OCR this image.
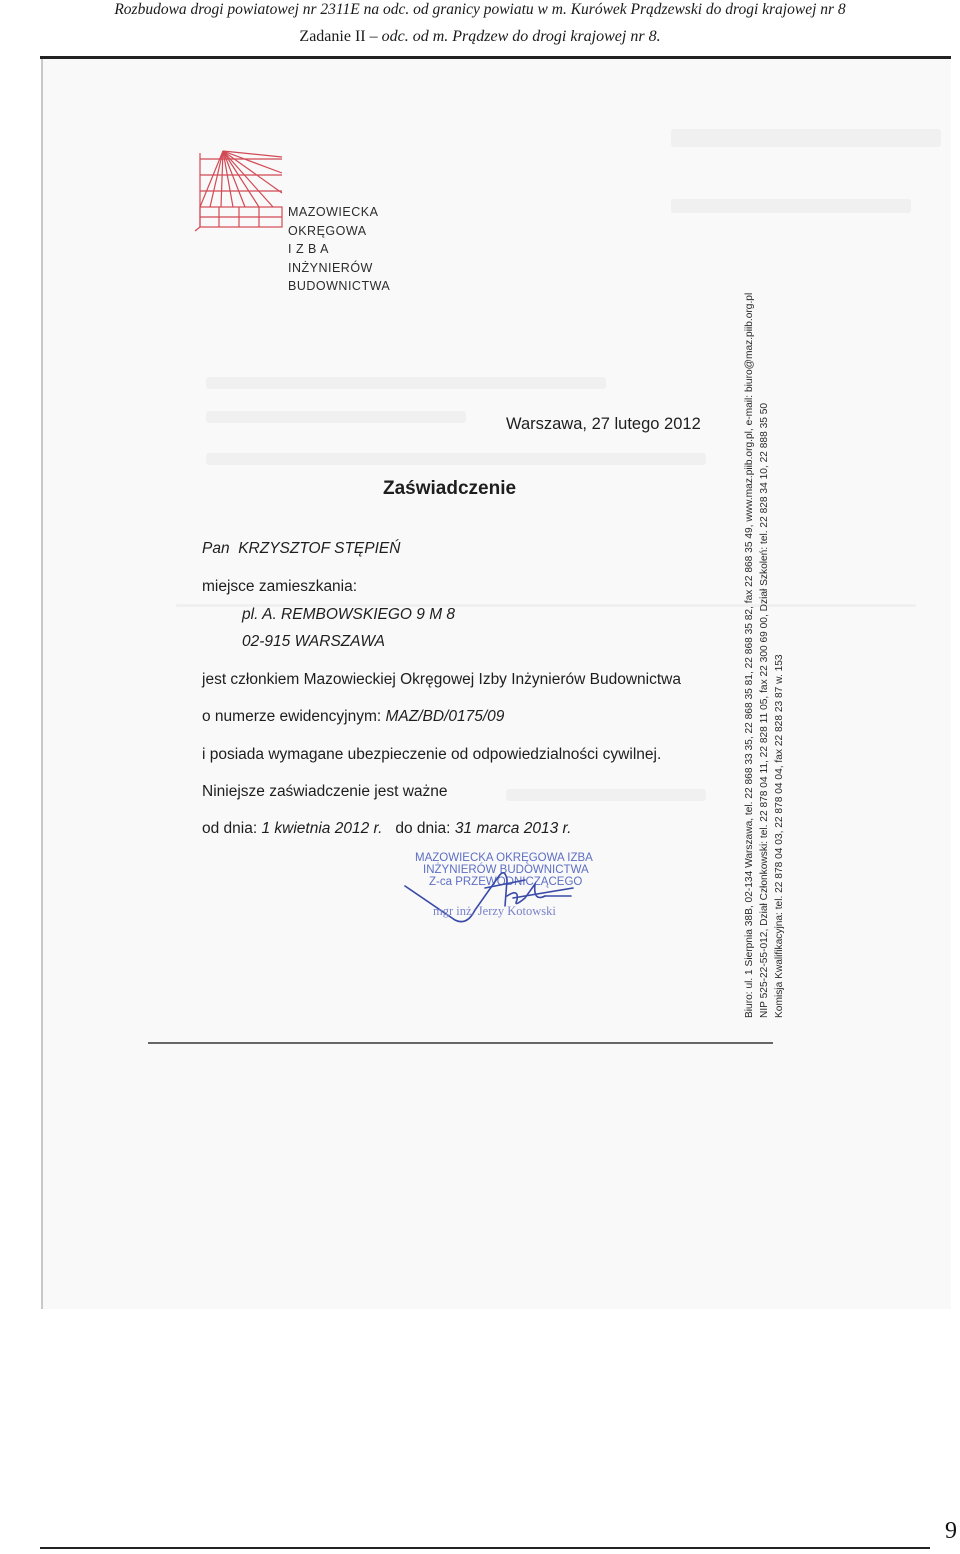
Rozbudowa drogi powiatowej nr 2311E na odc. od granicy powiatu w m. Kurówek Prądzewski do drogi krajowej nr 8
Zadanie II – odc. od m. Prądzew do drogi krajowej nr 8.
MAZOWIECKA
OKRĘGOWA
I Z B A
INŻYNIERÓW
BUDOWNICTWA
Warszawa, 27 lutego 2012
Zaświadczenie
Pan KRZYSZTOF STĘPIEŃ
miejsce zamieszkania:
pl. A. REMBOWSKIEGO 9 M 8
02-915 WARSZAWA
jest członkiem Mazowieckiej Okręgowej Izby Inżynierów Budownictwa
o numerze ewidencyjnym: MAZ/BD/0175/09
i posiada wymagane ubezpieczenie od odpowiedzialności cywilnej.
Niniejsze zaświadczenie jest ważne
od dnia: 1 kwietnia 2012 r. do dnia: 31 marca 2013 r.
MAZOWIECKA OKRĘGOWA IZBA
INŻYNIERÓW BUDOWNICTWA
Z-ca PRZEWODNICZĄCEGO
mgr inż. Jerzy Kotowski	Biuro: ul. 1 Sierpnia 38B, 02-134 Warszawa, tel. 22 868 33 35, 22 868 35 81, 22 868 35 82, fax 22 868 35 49, www.maz.piib.org.pl, e-mail: biuro@maz.piib.org.pl NIP 525-22-55-012, Dział Członkowski: tel. 22 878 04 11, 22 828 11 05, fax 22 300 69 00, Dział Szkoleń: tel. 22 828 34 10, 22 888 35 50 Komisja Kwalifikacyjna: tel. 22 878 04 03, 22 878 04 04, fax 22 828 23 87 w. 153
9
